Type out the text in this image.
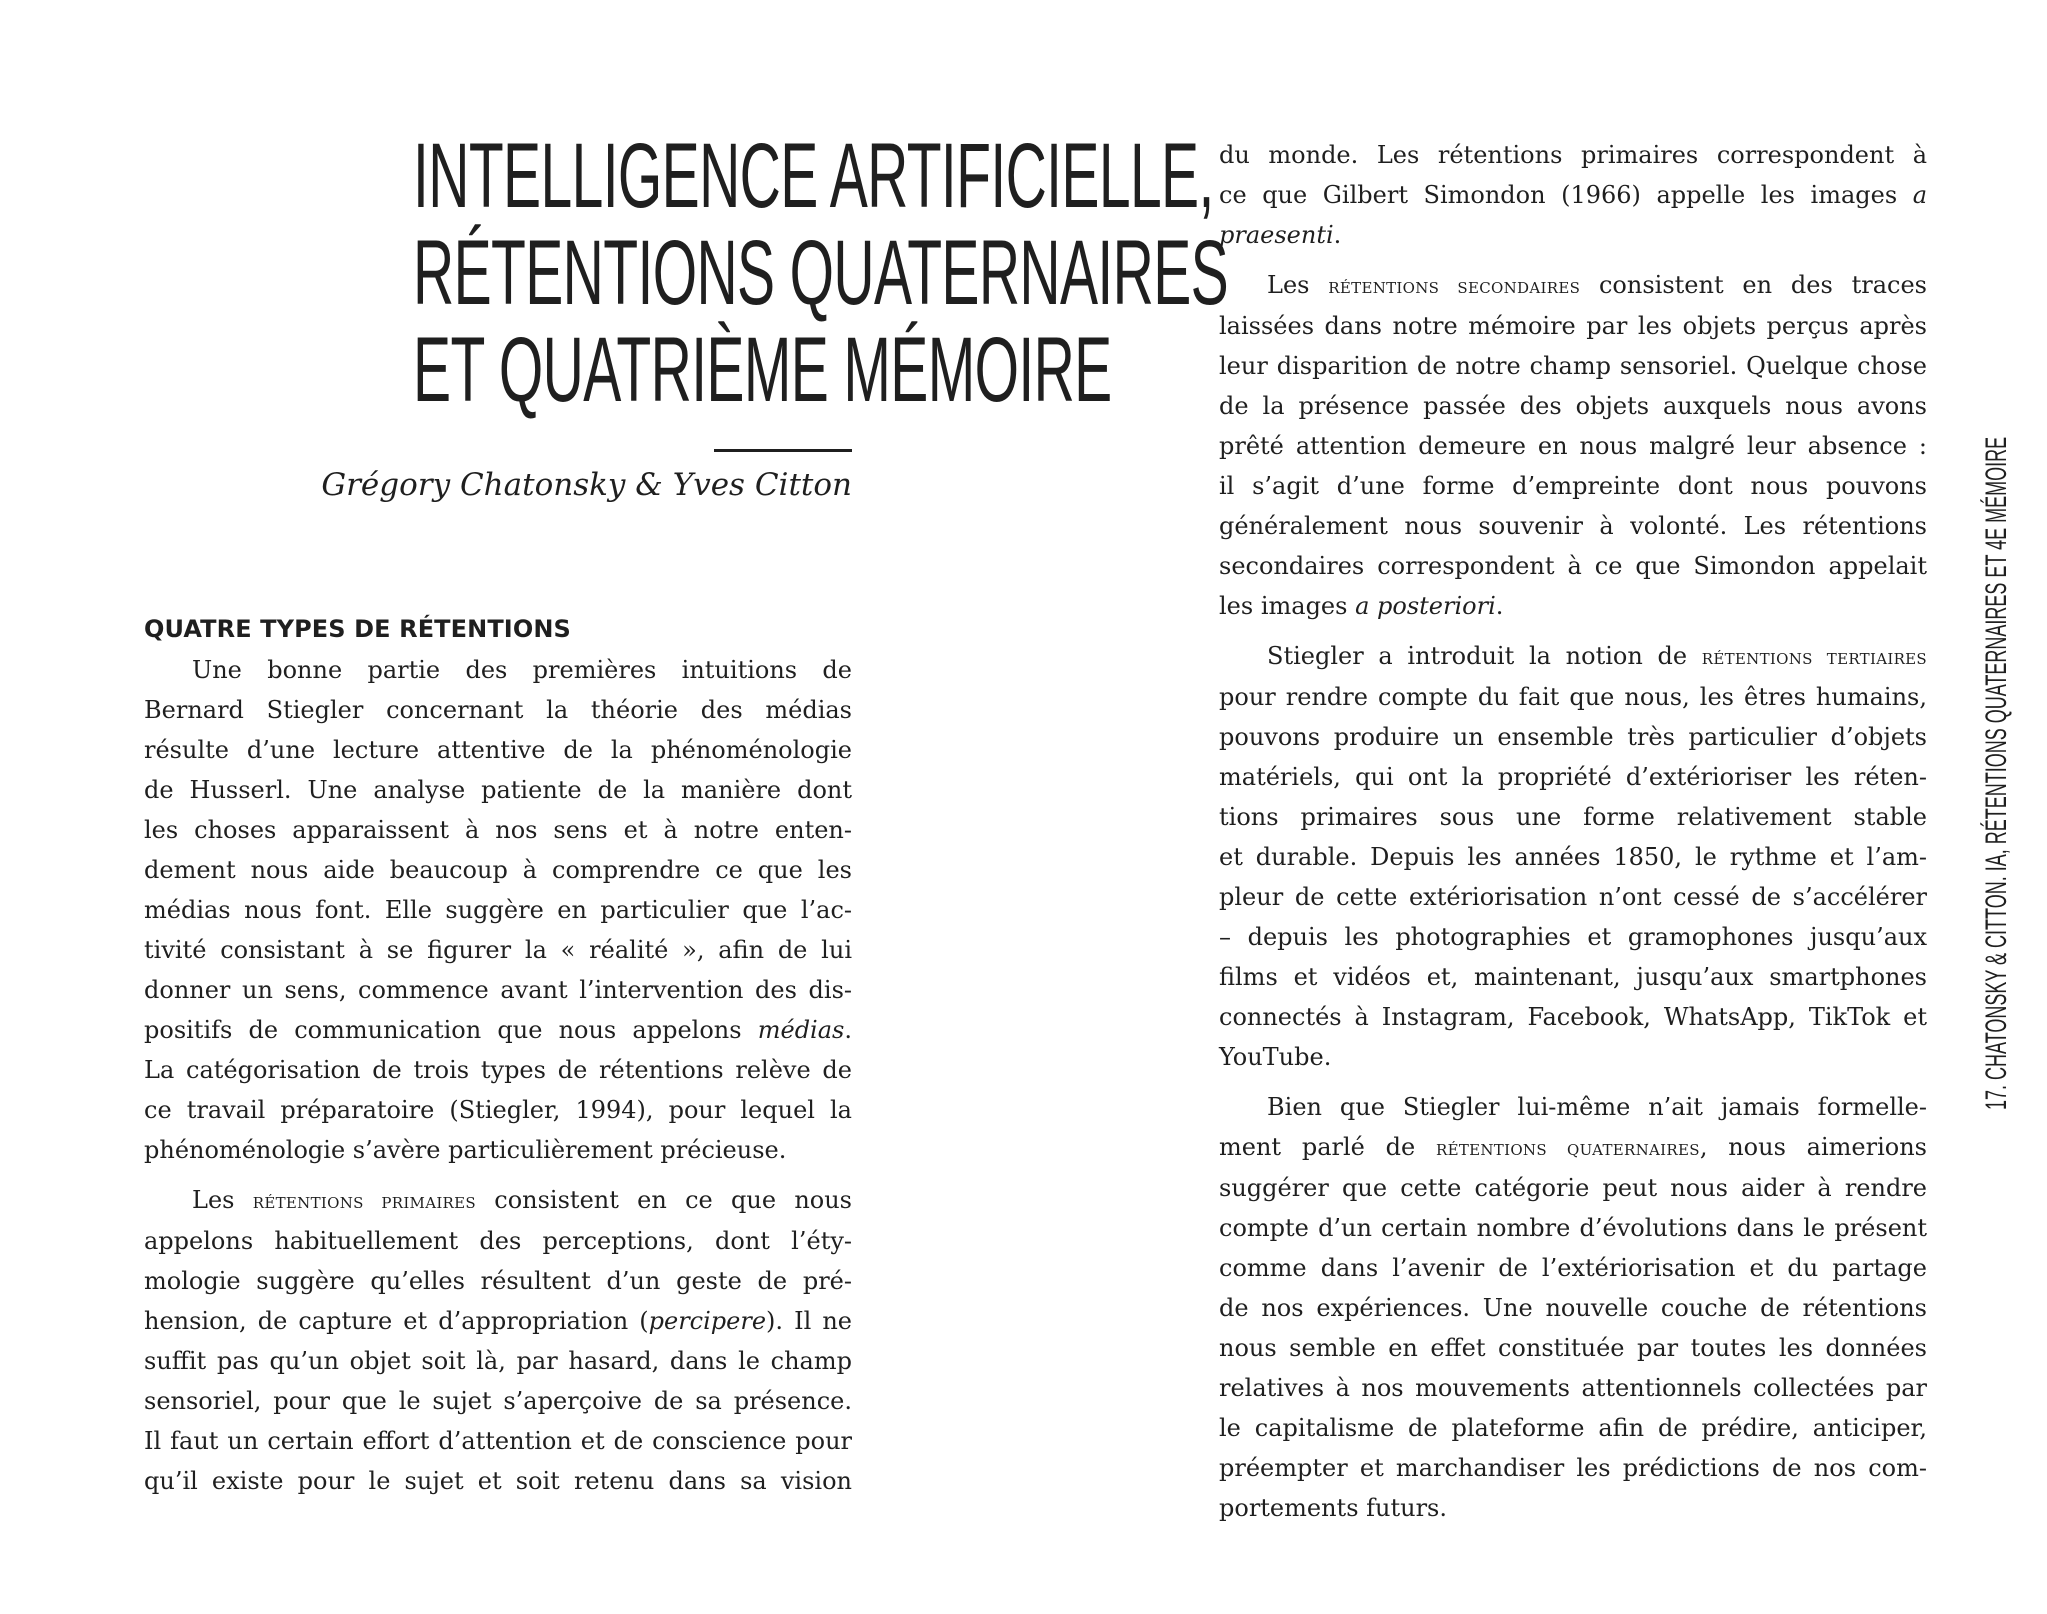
INTELLIGENCE ARTIFICIELLE,
RÉTENTIONS QUATERNAIRES
ET QUATRIÈME MÉMOIRE
Grégory Chatonsky & Yves Citton
QUATRE TYPES DE RÉTENTIONS
Une bonne partie des premières intuitions de
Bernard Stiegler concernant la théorie des médias
résulte d’une lecture attentive de la phénoménologie
de Husserl. Une analyse patiente de la manière dont
les choses apparaissent à nos sens et à notre enten-
dement nous aide beaucoup à comprendre ce que les
médias nous font. Elle suggère en particulier que l’ac-
tivité consistant à se figurer la « réalité », afin de lui
donner un sens, commence avant l’intervention des dis-
positifs de communication que nous appelons médias.
La catégorisation de trois types de rétentions relève de
ce travail préparatoire (Stiegler, 1994), pour lequel la
phénoménologie s’avère particulièrement précieuse.
Les rétentions primaires consistent en ce que nous
appelons habituellement des perceptions, dont l’éty-
mologie suggère qu’elles résultent d’un geste de pré-
hension, de capture et d’appropriation (percipere). Il ne
suffit pas qu’un objet soit là, par hasard, dans le champ
sensoriel, pour que le sujet s’aperçoive de sa présence.
Il faut un certain effort d’attention et de conscience pour
qu’il existe pour le sujet et soit retenu dans sa vision
du monde. Les rétentions primaires correspondent à
ce que Gilbert Simondon (1966) appelle les images a
praesenti.
Les rétentions secondaires consistent en des traces
laissées dans notre mémoire par les objets perçus après
leur disparition de notre champ sensoriel. Quelque chose
de la présence passée des objets auxquels nous avons
prêté attention demeure en nous malgré leur absence :
il s’agit d’une forme d’empreinte dont nous pouvons
généralement nous souvenir à volonté. Les rétentions
secondaires correspondent à ce que Simondon appelait
les images a posteriori.
Stiegler a introduit la notion de rétentions tertiaires
pour rendre compte du fait que nous, les êtres humains,
pouvons produire un ensemble très particulier d’objets
matériels, qui ont la propriété d’extérioriser les réten-
tions primaires sous une forme relativement stable
et durable. Depuis les années 1850, le rythme et l’am-
pleur de cette extériorisation n’ont cessé de s’accélérer
– depuis les photographies et gramophones jusqu’aux
films et vidéos et, maintenant, jusqu’aux smartphones
connectés à Instagram, Facebook, WhatsApp, TikTok et
YouTube.
Bien que Stiegler lui-même n’ait jamais formelle-
ment parlé de rétentions quaternaires, nous aimerions
suggérer que cette catégorie peut nous aider à rendre
compte d’un certain nombre d’évolutions dans le présent
comme dans l’avenir de l’extériorisation et du partage
de nos expériences. Une nouvelle couche de rétentions
nous semble en effet constituée par toutes les données
relatives à nos mouvements attentionnels collectées par
le capitalisme de plateforme afin de prédire, anticiper,
préempter et marchandiser les prédictions de nos com-
portements futurs.
17. CHATONSKY & CITTON. IA, RÉTENTIONS QUATERNAIRES ET 4E MÉMOIRE
